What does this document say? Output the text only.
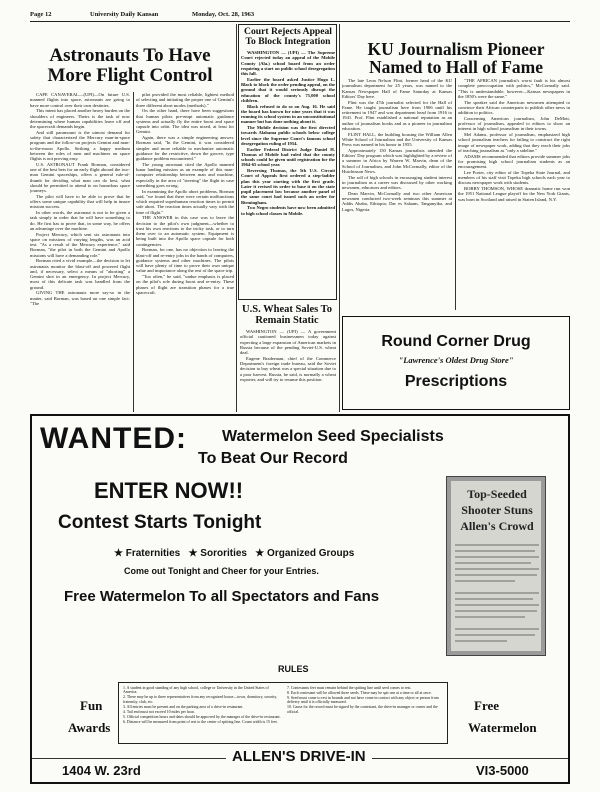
Page 12	University Daily Kansan	Monday, Oct. 28, 1963
Astronauts To Have More Flight Control

CAPE CANAVERAL—(UPI)—On future U.S. manned flights into space, astronauts are going to have more control over their own destinies.

This intent has placed another heavy burden on the shoulders of engineers. Theirs is the task of now determining where human capabilities leave off and the spacecraft demands begin.

And still paramount is the utmost demand for safety that characterized the Mercury man-in-space program and the follow-on projects Gemini and man-to-the-moon Apollo. Striking a happy medium between the roles of men and machines on space flights is not proving easy.

U.S. ASTRONAUT Frank Borman, considered one of the best bets for an early flight aboard the two-man Gemini spaceships, offers a general rule-of-thumb for deciding what man can do best, what should be permitted to attend to on hazardous space journeys.

The pilot will have to be able to prove that he offers some unique capability that will help in insure mission success.

In other words, the astronaut is not to be given a task simply in order that he will have something to do. He first has to prove that, in some way, he offers an advantage over the machine.

Project Mercury, which sent six astronauts into space on missions of varying lengths, was an acid test. "As a result of the Mercury experience," said Borman, "the pilot in both the Gemini and Apollo missions will have a demanding role."

Borman cited a vivid example—the decision to let astronauts monitor the blast-off and powered flight and, if necessary, select a means of "aborting" a Gemini shot in an emergency. In project Mercury, most of this delicate task was handled from the ground.

GIVING THE astronauts more say-so in the matter, said Borman, was based on one simple fact: "The

pilot provided the most reliable, lightest method of selecting and initiating the proper one of Gemini's three different abort modes (methods)."

On the other hand, there have been suggestions that human pilots pre-empt automatic guidance systems and actually fly the entire boost and space capsule into orbit. The idea was nixed, at least for Gemini.

Again, there was a simple engineering answer. Borman said, "In the Gemini, it was considered simpler and more reliable to mechanize automatic guidance for the restrictive, down the groove, type guidance problem encountered."

The young astronaut cited the Apollo manned lunar landing mission as an example of this man-computer relationship between man and machine, especially in the area of "steering" the flight in case something goes wrong.

In examining the Apollo abort problems, Borman said, "we found that there were certain malfunctions which required superhuman reaction times to permit safe abort. The reaction times actually vary with the time of flight."

THE ANSWER in this case was to leave the decision to the pilot's own judgment—whether to trust his own reactions to the tricky task, or to turn them over to an automatic system. Equipment is being built into the Apollo space capsule for both contingencies.

Borman, for one, has no objection to leaving the blast-off and re-entry jobs in the hands of computers, guidance systems and other machines. The pilots will have plenty of time to prove their own unique value and importance along the rest of the space trip.

"Too often," he said, "undue emphasis is placed on the pilot's role during boost and re-entry. These phases of flight are transition phases for a true spacecraft.

Court Rejects Appeal To Block Integration

WASHINGTON — (UPI) — The Supreme Court rejected today an appeal of the Mobile County (Ala.) school board from an order requiring a start on public school desegregation this fall.

Earlier the board asked Justice Hugo L. Black to block the order pending appeal, on the ground that it would seriously disrupt the education of the county's 75,000 school children.

Black refused to do so on Aug. 16. He said the board has known for nine years that it was running its school system in an unconstitutional manner but has done nothing about it.

The Mobile decision was the first directed towards Alabama public schools below college level since the Supreme Court's famous school desegregation ruling of 1954.

Earlier Federal District Judge Daniel H. Thomas of Mobile had ruled that the county schools could be given until registration for the 1964-65 school year.

Reversing Thomas, the 5th U.S. Circuit Court of Appeals first ordered a step-ladder plan this year starting with the first grade. Later it revised its order to base it on the state pupil placement law because another panel of the same court had issued such an order for Birmingham.

Two Negro students have now been admitted to high school classes in Mobile.

U.S. Wheat Sales To Remain Static

WASHINGTON — (UPI) — A government official cautioned businessmen today against expecting a large expansion of American markets in Russia because of the pending Soviet-U.S. wheat deal.

Eugene Braderman, chief of the Commerce Department's foreign trade bureau, said the Soviet decision to buy wheat was a special situation due to a poor harvest. Russia, he said, is normally a wheat exporter, and will try to resume this position.

KU Journalism Pioneer Named to Hall of Fame

The late Leon Nelson Flint, former head of the KU journalism department for 25 years, was named to the Kansas Newspaper Hall of Fame Saturday at Kansas Editors' Day here.

Flint was the 47th journalist selected for the Hall of Fame. He taught journalism here from 1906 until his retirement in 1947 and was department head from 1916 to 1941. Prof. Flint established a national reputation as an author of journalism books and as a pioneer in journalism education.

FLINT HALL, the building housing the William Allen White School of Journalism and the University of Kansas Press was named in his honor in 1955.

Approximately 150 Kansas journalists attended the Editors' Day program which was highlighted by a review of a summer in Africa by Warren W. Marvin, dean of the School of Journalism, and John McCormally, editor of the Hutchinson News.

The roll of high schools in encouraging student interest in journalism as a career was discussed by other working newsmen, educators and editors.

Dean Marvin, McCormally and two other American newsmen conducted two-week seminars this summer at Addis Ababa, Ethiopia; Dar es Salaam, Tanganyika, and Lagos, Nigeria.

"THE AFRICAN journalist's worst fault is his almost complete preoccupation with politics," McCormally said. "This is understandable, however—Kansas newspapers in the 1850's were the same."

The speaker said the American newsmen attempted to convince their African counterparts to publish other news in addition to politics.

Concerning American journalism, John DeMott, professor of journalism, appealed to editors to show an interest in high school journalism in their towns.

Mel Adams, professor of journalism, emphasized high school journalism teachers for failing to construct the right image of newspaper work, adding that they reach their jobs of teaching journalism as "only a sideline."

ADAMS recommended that editors provide summer jobs for promising high school journalism students as an encouragement.

Lee Porter, city editor of the Topeka State Journal, and members of his staff visit Topeka high schools each year to discuss newspaper work with students.

BOBBY THOMSON, WHOSE dramatic home run won the 1951 National League playoff for the New York Giants, was born in Scotland and raised in Staten Island, N.Y.

Round Corner Drug
"Lawrence's Oldest Drug Store"
Prescriptions
WANTED: Watermelon Seed Specialists
To Beat Our Record
ENTER NOW!!
Contest Starts Tonight
★ Fraternities   ★ Sororities   ★ Organized Groups
Come out Tonight and Cheer for your Entries.
Free Watermelon To all Spectators and Fans
Top-Seeded
Shooter Stuns
Allen's Crowd
RULES
Fun
Awards
Free
Watermelon
ALLEN'S DRIVE-IN
1404 W. 23rd	VI3-5000
1. A student in good standing of any high school, college or University in the United States of America.
2. There may be up to three representatives from any recognized house—town, dormitory, sorority, fraternity, club, etc.
3. All entries must be present and on the parking area of a drive-in restaurant.
4. Tail end must not exceed 10 miles per hour.
5. Official competition hours and dates should be approved by the manager of the drive-in restaurant.
6. Distance will be measured from point of rest to the center of spitting line. Count width is 15 feet.
7. Contestants feet must remain behind the spitting line until seed comes to rest.
8. Each contestant will be allowed three seeds. These may be spit one at a time or all at once.
9. Seed must come to rest in bounds and not have come in contact with any object or person from delivery until it is officially measured.
10. Cause for the record must be signed by the contestant, the drive-in manager or owner and the official.
